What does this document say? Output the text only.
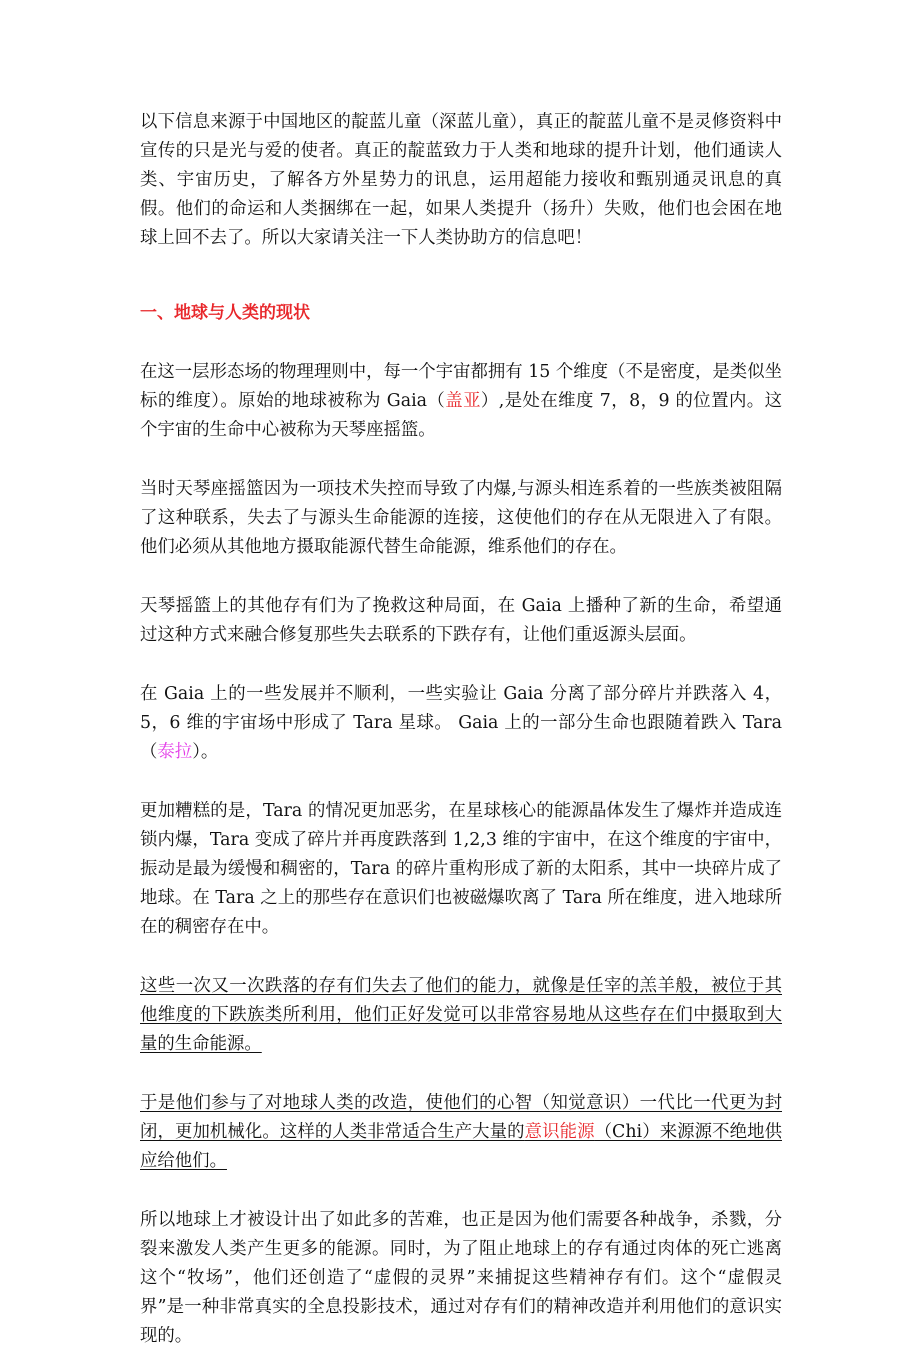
以下信息来源于中国地区的靛蓝儿童（深蓝儿童），真正的靛蓝儿童不是灵修资料中宣传的只是光与爱的使者。真正的靛蓝致力于人类和地球的提升计划，他们通读人类、宇宙历史，了解各方外星势力的讯息，运用超能力接收和甄别通灵讯息的真假。他们的命运和人类捆绑在一起，如果人类提升（扬升）失败，他们也会困在地球上回不去了。所以大家请关注一下人类协助方的信息吧！

一、地球与人类的现状

在这一层形态场的物理理则中，每一个宇宙都拥有 15 个维度（不是密度，是类似坐标的维度）。原始的地球被称为 Gaia（盖亚）,是处在维度 7，8，9 的位置内。这个宇宙的生命中心被称为天琴座摇篮。

当时天琴座摇篮因为一项技术失控而导致了内爆,与源头相连系着的一些族类被阻隔了这种联系，失去了与源头生命能源的连接，这使他们的存在从无限进入了有限。他们必须从其他地方摄取能源代替生命能源，维系他们的存在。

天琴摇篮上的其他存有们为了挽救这种局面，在 Gaia 上播种了新的生命，希望通过这种方式来融合修复那些失去联系的下跌存有，让他们重返源头层面。

在 Gaia 上的一些发展并不顺利，一些实验让 Gaia 分离了部分碎片并跌落入 4，5，6 维的宇宙场中形成了 Tara 星球。 Gaia 上的一部分生命也跟随着跌入 Tara（泰拉）。

更加糟糕的是，Tara 的情况更加恶劣，在星球核心的能源晶体发生了爆炸并造成连锁内爆，Tara 变成了碎片并再度跌落到 1,2,3 维的宇宙中，在这个维度的宇宙中，振动是最为缓慢和稠密的，Tara 的碎片重构形成了新的太阳系，其中一块碎片成了地球。在 Tara 之上的那些存在意识们也被磁爆吹离了 Tara 所在维度，进入地球所在的稠密存在中。

这些一次又一次跌落的存有们失去了他们的能力，就像是任宰的羔羊般，被位于其他维度的下跌族类所利用，他们正好发觉可以非常容易地从这些存在们中摄取到大量的生命能源。

于是他们参与了对地球人类的改造，使他们的心智（知觉意识）一代比一代更为封闭，更加机械化。这样的人类非常适合生产大量的意识能源（Chi）来源源不绝地供应给他们。

所以地球上才被设计出了如此多的苦难，也正是因为他们需要各种战争，杀戮，分裂来激发人类产生更多的能源。同时，为了阻止地球上的存有通过肉体的死亡逃离这个“牧场”，他们还创造了“虚假的灵界”来捕捉这些精神存有们。这个“虚假灵界”是一种非常真实的全息投影技术，通过对存有们的精神改造并利用他们的意识实现的。
